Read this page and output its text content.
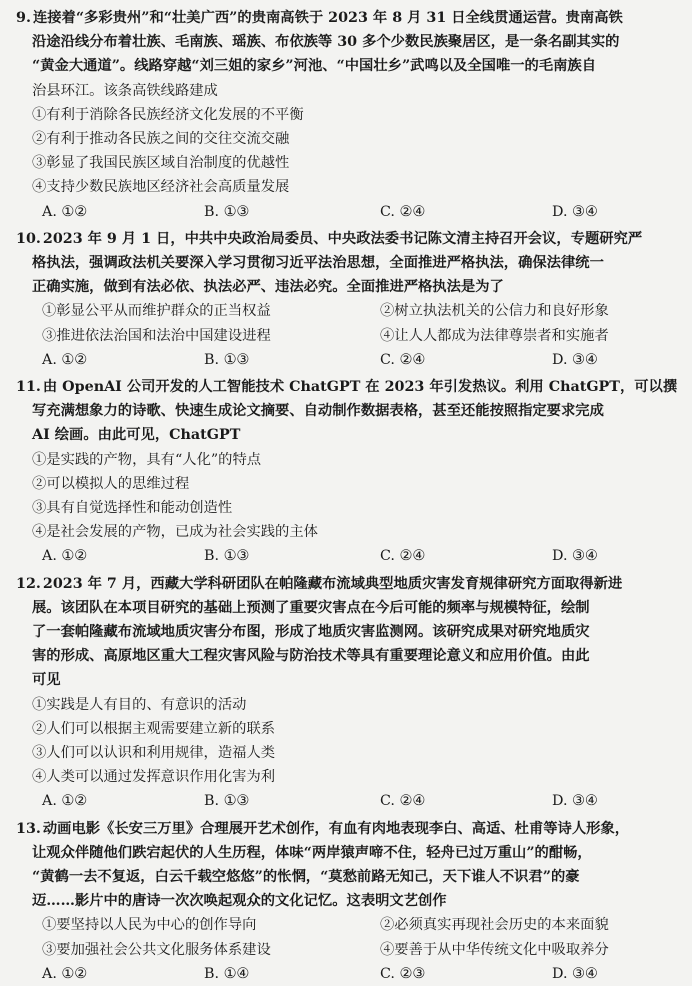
9. 连接着“多彩贵州”和“壮美广西”的贵南高铁于 2023 年 8 月 31 日全线贯通运营。贵南高铁
沿途沿线分布着壮族、毛南族、瑶族、布依族等 30 多个少数民族聚居区，是一条名副其实的
“黄金大通道”。线路穿越“刘三姐的家乡”河池、“中国壮乡”武鸣以及全国唯一的毛南族自
治县环江。该条高铁线路建成
①有利于消除各民族经济文化发展的不平衡
②有利于推动各民族之间的交往交流交融
③彰显了我国民族区域自治制度的优越性
④支持少数民族地区经济社会高质量发展
A. ①②	B. ①③	C. ②④	D. ③④
10. 2023 年 9 月 1 日，中共中央政治局委员、中央政法委书记陈文清主持召开会议，专题研究严
格执法，强调政法机关要深入学习贯彻习近平法治思想，全面推进严格执法，确保法律统一
正确实施，做到有法必依、执法必严、违法必究。全面推进严格执法是为了
①彰显公平从而维护群众的正当权益	②树立执法机关的公信力和良好形象
③推进依法治国和法治中国建设进程	④让人人都成为法律尊崇者和实施者
A. ①②	B. ①③	C. ②④	D. ③④
11. 由 OpenAI 公司开发的人工智能技术 ChatGPT 在 2023 年引发热议。利用 ChatGPT，可以撰
写充满想象力的诗歌、快速生成论文摘要、自动制作数据表格，甚至还能按照指定要求完成
AI 绘画。由此可见，ChatGPT
①是实践的产物，具有“人化”的特点
②可以模拟人的思维过程
③具有自觉选择性和能动创造性
④是社会发展的产物，已成为社会实践的主体
A. ①②	B. ①③	C. ②④	D. ③④
12. 2023 年 7 月，西藏大学科研团队在帕隆藏布流域典型地质灾害发育规律研究方面取得新进
展。该团队在本项目研究的基础上预测了重要灾害点在今后可能的频率与规模特征，绘制
了一套帕隆藏布流域地质灾害分布图，形成了地质灾害监测网。该研究成果对研究地质灾
害的形成、高原地区重大工程灾害风险与防治技术等具有重要理论意义和应用价值。由此
可见
①实践是人有目的、有意识的活动
②人们可以根据主观需要建立新的联系
③人们可以认识和利用规律，造福人类
④人类可以通过发挥意识作用化害为利
A. ①②	B. ①③	C. ②④	D. ③④
13. 动画电影《长安三万里》合理展开艺术创作，有血有肉地表现李白、高适、杜甫等诗人形象，
让观众伴随他们跌宕起伏的人生历程，体味“两岸猿声啼不住，轻舟已过万重山”的酣畅，
“黄鹤一去不复返，白云千载空悠悠”的怅惘，“莫愁前路无知己，天下谁人不识君”的豪
迈……影片中的唐诗一次次唤起观众的文化记忆。这表明文艺创作
①要坚持以人民为中心的创作导向	②必须真实再现社会历史的本来面貌
③要加强社会公共文化服务体系建设	④要善于从中华传统文化中吸取养分
A. ①②	B. ①④	C. ②③	D. ③④
